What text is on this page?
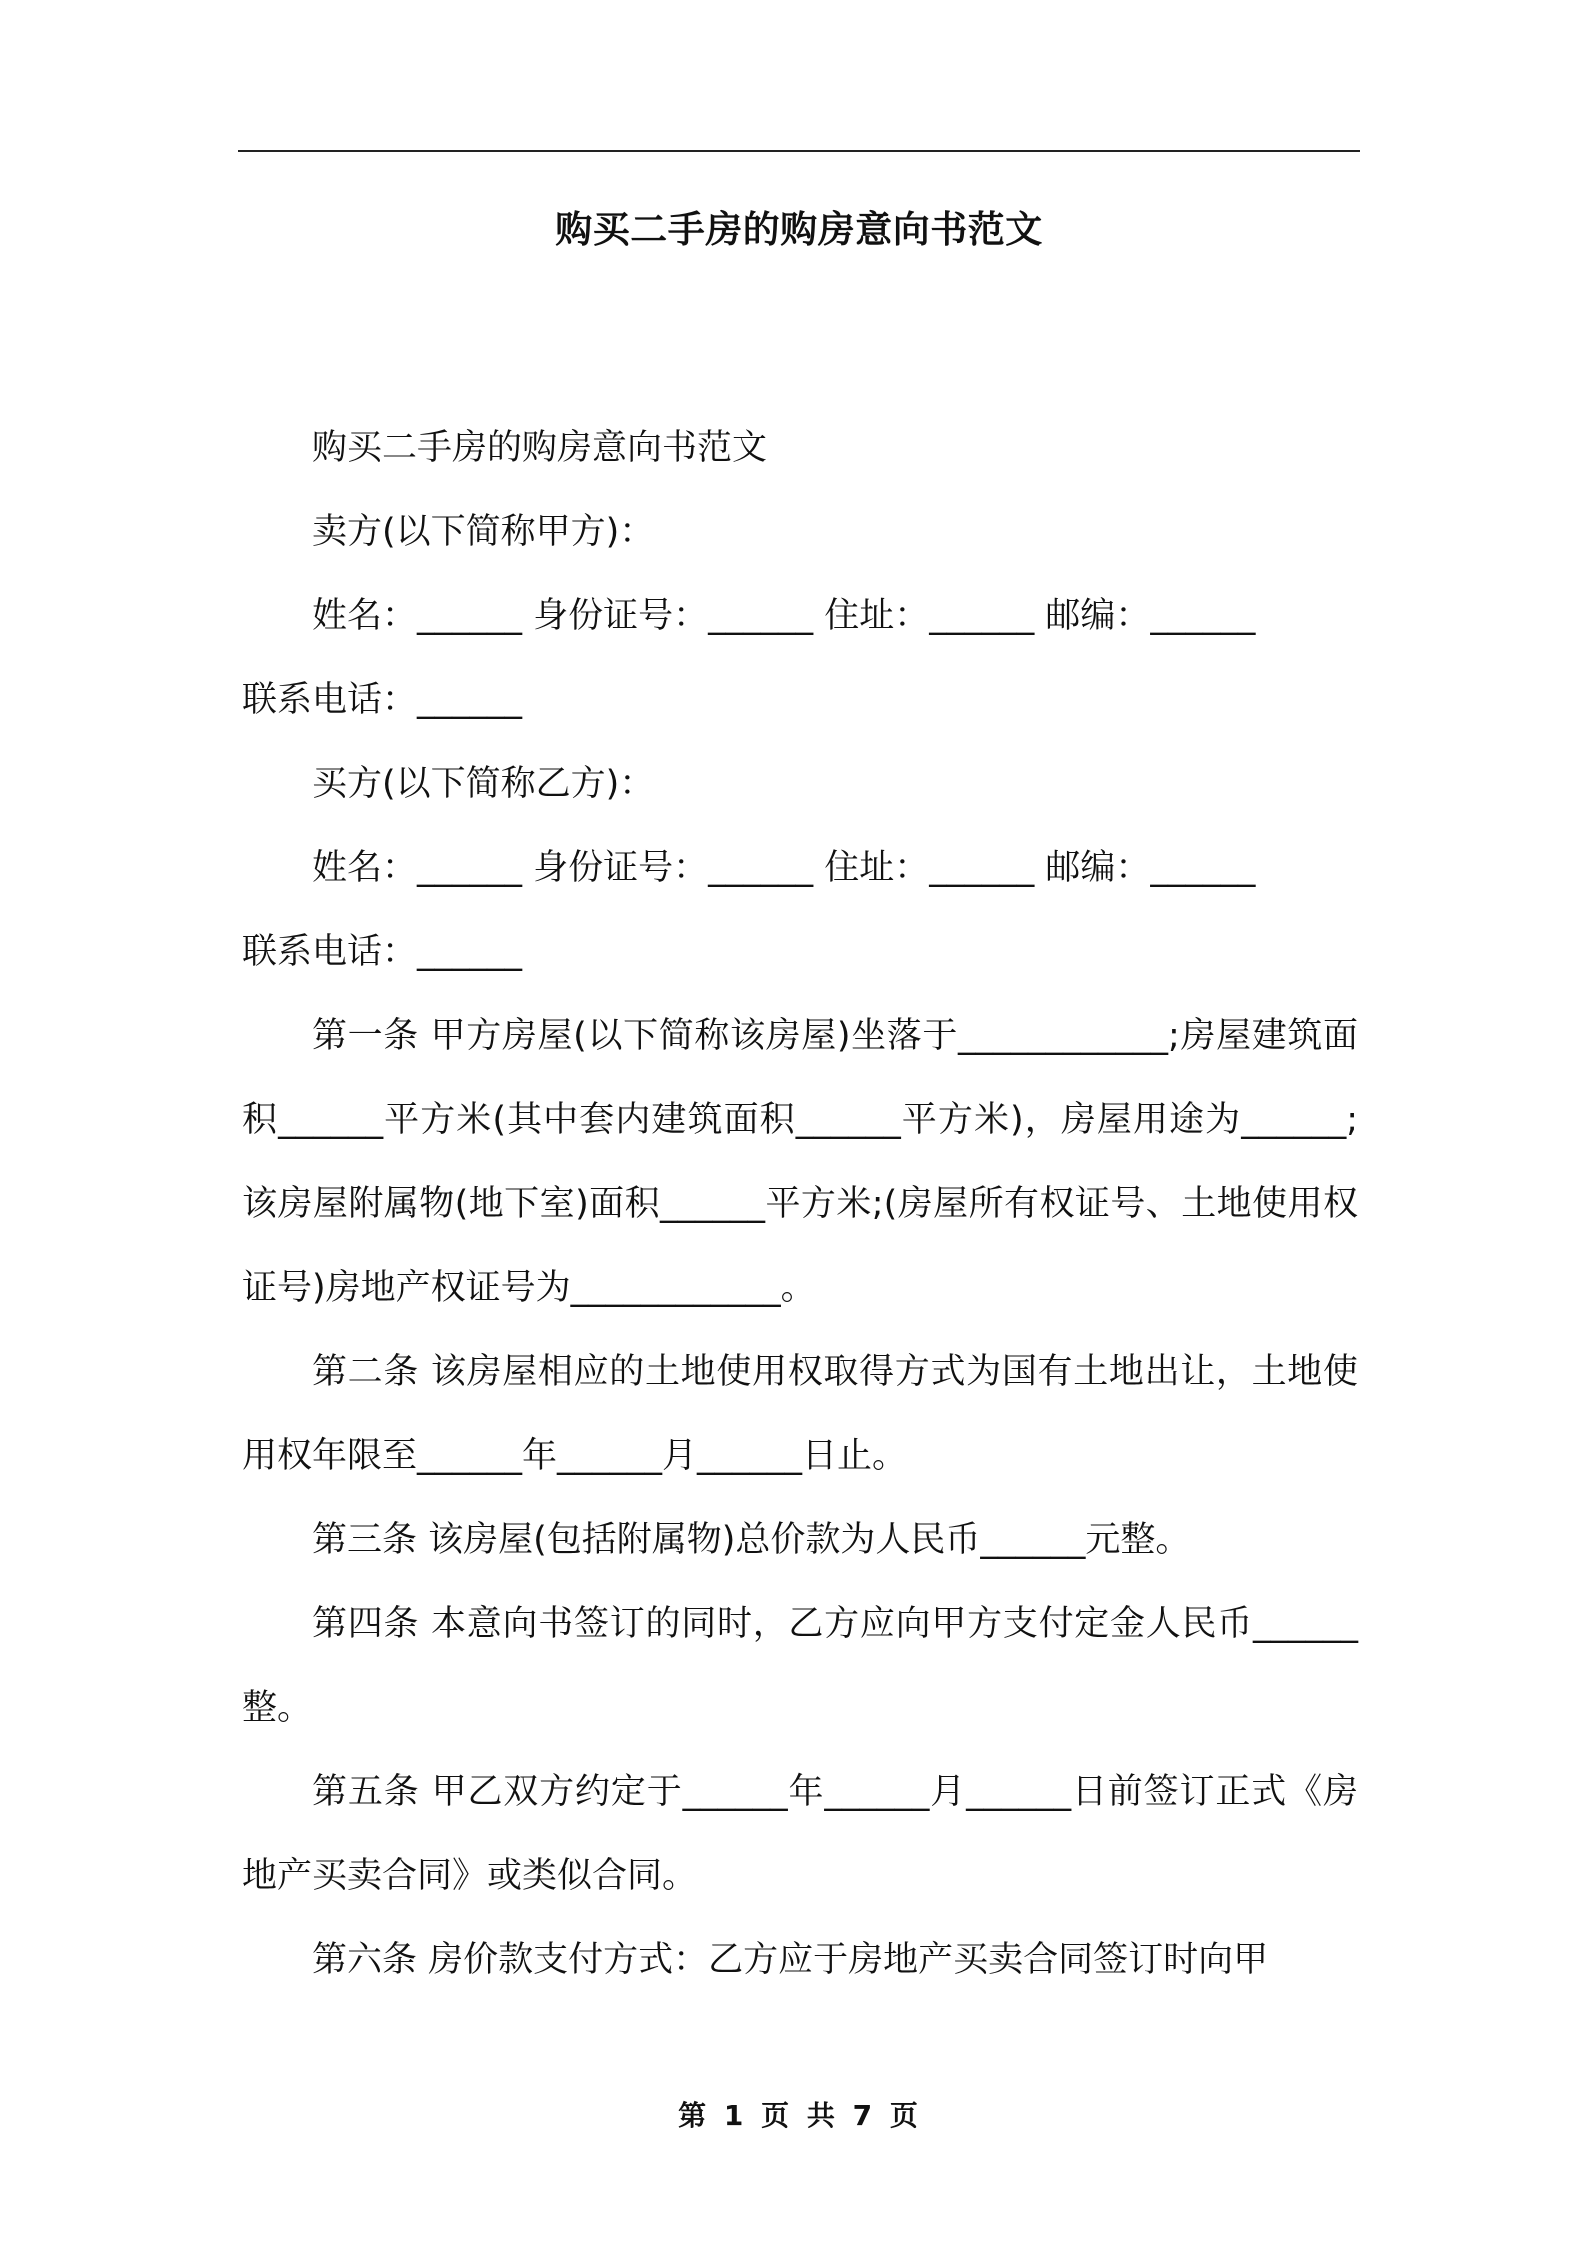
购买二手房的购房意向书范文

购买二手房的购房意向书范文

卖方(以下简称甲方)：

姓名：______ 身份证号：______ 住址：______ 邮编：______

联系电话：______

买方(以下简称乙方)：

姓名：______ 身份证号：______ 住址：______ 邮编：______

联系电话：______

第一条 甲方房屋(以下简称该房屋)坐落于____________;房屋建筑面积______平方米(其中套内建筑面积______平方米)，房屋用途为______;该房屋附属物(地下室)面积______平方米;(房屋所有权证号、土地使用权证号)房地产权证号为____________。

第二条 该房屋相应的土地使用权取得方式为国有土地出让，土地使用权年限至______年______月______日止。

第三条 该房屋(包括附属物)总价款为人民币______元整。

第四条 本意向书签订的同时，乙方应向甲方支付定金人民币______整。

第五条 甲乙双方约定于______年______月______日前签订正式《房地产买卖合同》或类似合同。

第六条 房价款支付方式：乙方应于房地产买卖合同签订时向甲

第 1 页 共 7 页
